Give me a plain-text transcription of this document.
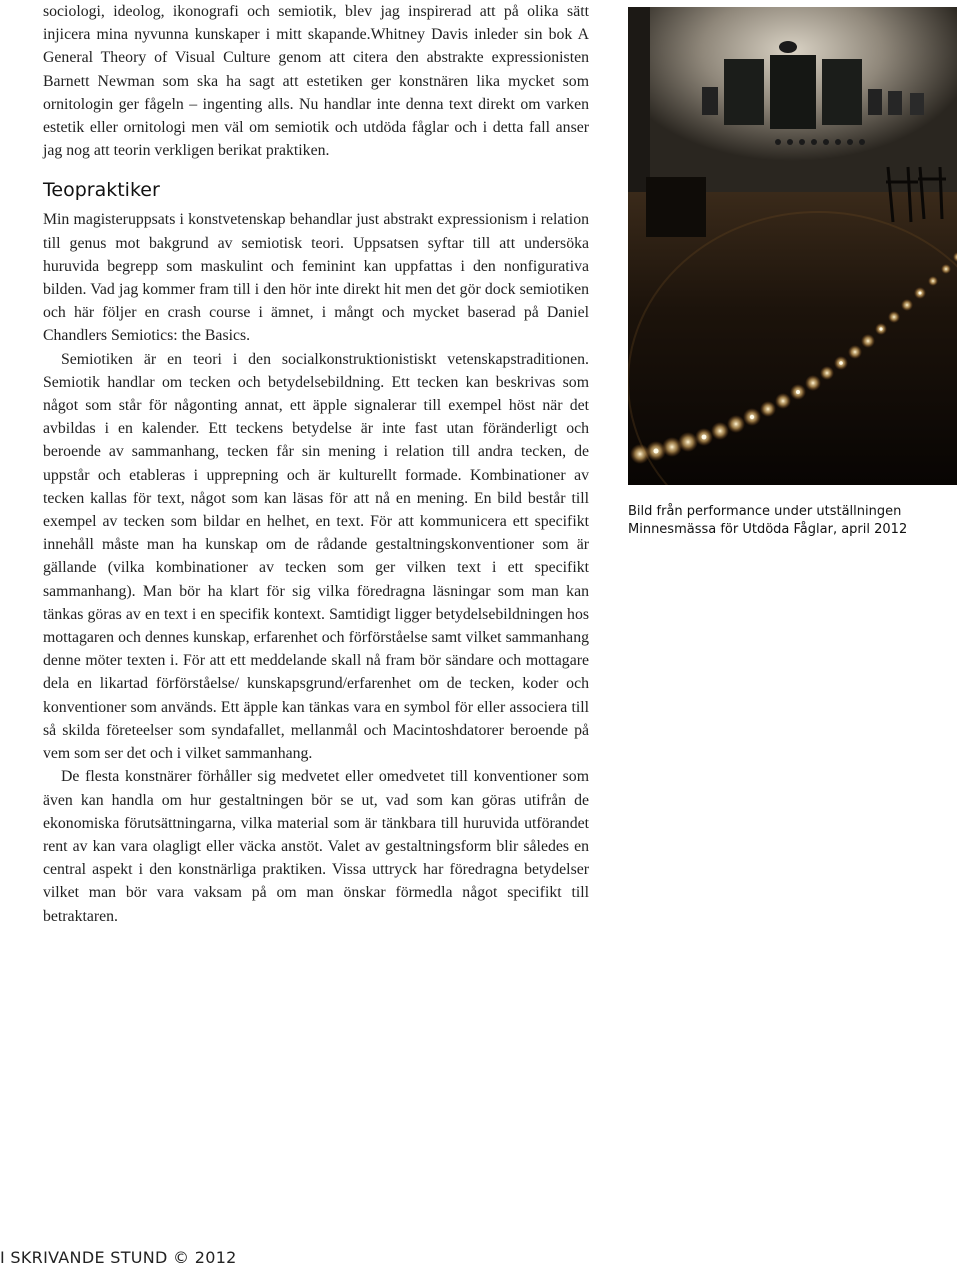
sociologi, ideolog, ikonografi och semiotik, blev jag inspirerad att på olika sätt injicera mina nyvunna kunskaper i mitt skapande.Whitney Davis inleder sin bok A General Theory of Visual Culture genom att citera den abstrakte expressionisten Barnett Newman som ska ha sagt att estetiken ger konstnären lika mycket som ornitologin ger fågeln – ingenting alls. Nu handlar inte denna text direkt om varken estetik eller ornitologi men väl om semiotik och utdöda fåglar och i detta fall anser jag nog att teorin verkligen berikat praktiken.

Teopraktiker

Min magisteruppsats i konstvetenskap behandlar just abstrakt expressionism i relation till genus mot bakgrund av semiotisk teori. Uppsatsen syftar till att undersöka huruvida begrepp som maskulint och feminint kan uppfattas i den nonfigurativa bilden. Vad jag kommer fram till i den hör inte direkt hit men det gör dock semiotiken och här följer en crash course i ämnet, i mångt och mycket baserad på Daniel Chandlers Semiotics: the Basics.

Semiotiken är en teori i den socialkonstruktionistiskt vetenskapstraditionen. Semiotik handlar om tecken och betydelsebildning. Ett tecken kan beskrivas som något som står för någonting annat, ett äpple signalerar till exempel höst när det avbildas i en kalender. Ett teckens betydelse är inte fast utan föränderligt och beroende av sammanhang, tecken får sin mening i relation till andra tecken, de uppstår och etableras i upprepning och är kulturellt formade. Kombinationer av tecken kallas för text, något som kan läsas för att nå en mening. En bild består till exempel av tecken som bildar en helhet, en text. För att kommunicera ett specifikt innehåll måste man ha kunskap om de rådande gestaltningskonventioner som är gällande (vilka kombinationer av tecken som ger vilken text i ett specifikt sammanhang). Man bör ha klart för sig vilka föredragna läsningar som man kan tänkas göras av en text i en specifik kontext. Samtidigt ligger betydelsebildningen hos mottagaren och dennes kunskap, erfarenhet och förförståelse samt vilket sammanhang denne möter texten i. För att ett meddelande skall nå fram bör sändare och mottagare dela en likartad förförståelse/ kunskapsgrund/erfarenhet om de tecken, koder och konventioner som används. Ett äpple kan tänkas vara en symbol för eller associera till så skilda företeelser som syndafallet, mellanmål och Macintoshdatorer beroende på vem som ser det och i vilket sammanhang.

De flesta konstnärer förhåller sig medvetet eller omedvetet till konventioner som även kan handla om hur gestaltningen bör se ut, vad som kan göras utifrån de ekonomiska förutsättningarna, vilka material som är tänkbara till huruvida utförandet rent av kan vara olagligt eller väcka anstöt. Valet av gestaltningsform blir således en central aspekt i den konstnärliga praktiken. Vissa uttryck har föredragna betydelser vilket man bör vara vaksam på om man önskar förmedla något specifikt till betraktaren.

Bild från performance under utställningen Minnesmässa för Utdöda Fåglar, april 2012
I SKRIVANDE STUND © 2012
